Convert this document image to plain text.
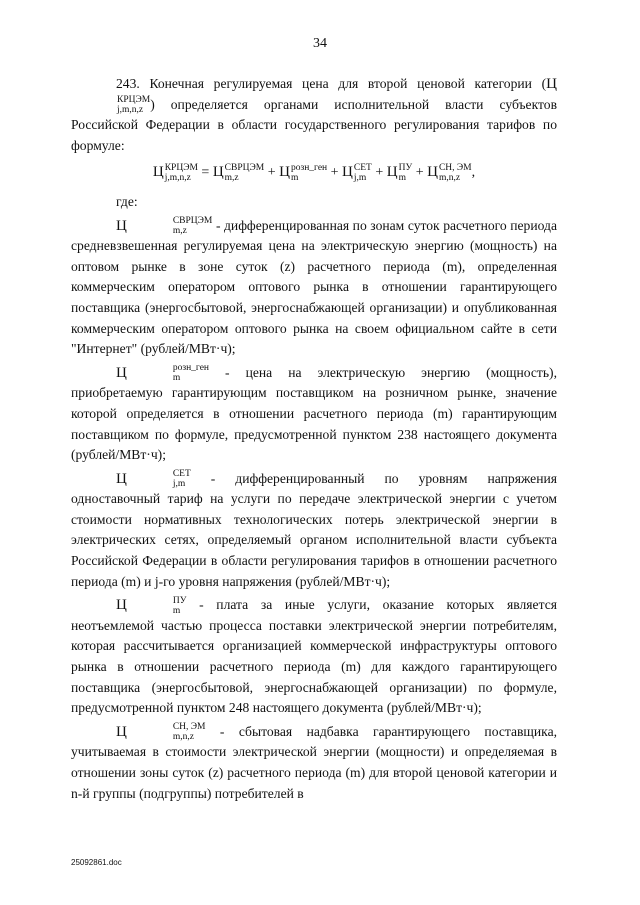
34

243. Конечная регулируемая цена для второй ценовой категории (Ц
КРЦЭМ
j,m,n,z ) определяется органами исполнительной власти субъектов Российской Федерации в области государственного регулирования тарифов по формуле:

Ц КРЦЭМ
j,m,n,z = Ц СВРЦЭМ
m,z	+ Ц розн_ген
m	+ Ц СЕТ
j,m + Ц ПУ
m + Ц СН, ЭМ
m,n,z ,

где:

Ц	СВРЦЭМ
m,z	- дифференцированная по зонам суток расчетного периода

средневзвешенная регулируемая цена на электрическую энергию (мощность) на оптовом рынке в зоне суток (z) расчетного периода (m), определенная коммерческим оператором оптового рынка в отношении гарантирующего поставщика (энергосбытовой, энергоснабжающей организации) и опубликованная коммерческим оператором оптового рынка на своем официальном сайте в сети "Интернет" (рублей/МВт·ч);

Ц	розн_ген
m	- цена на электрическую энергию (мощность),

приобретаемую гарантирующим поставщиком на розничном рынке, значение которой определяется в отношении расчетного периода (m) гарантирующим поставщиком по формуле, предусмотренной пунктом 238 настоящего документа (рублей/МВт·ч);

Ц	СЕТ
j,m	- дифференцированный по уровням напряжения

одноставочный тариф на услуги по передаче электрической энергии с учетом стоимости нормативных технологических потерь электрической энергии в электрических сетях, определяемый органом исполнительной власти субъекта Российской Федерации в области регулирования тарифов в отношении расчетного периода (m) и j-го уровня напряжения (рублей/МВт·ч);

Ц	ПУ
m	- плата за иные услуги, оказание которых является

неотъемлемой частью процесса поставки электрической энергии потребителям, которая рассчитывается организацией коммерческой инфраструктуры оптового рынка в отношении расчетного периода (m) для каждого гарантирующего поставщика (энергосбытовой, энергоснабжающей организации) по формуле, предусмотренной пунктом 248 настоящего документа (рублей/МВт·ч);

Ц	СН, ЭМ
m,n,z	- сбытовая надбавка гарантирующего поставщика,

учитываемая в стоимости электрической энергии (мощности) и определяемая в отношении зоны суток (z) расчетного периода (m) для второй ценовой категории и n-й группы (подгруппы) потребителей в

25092861.doc
